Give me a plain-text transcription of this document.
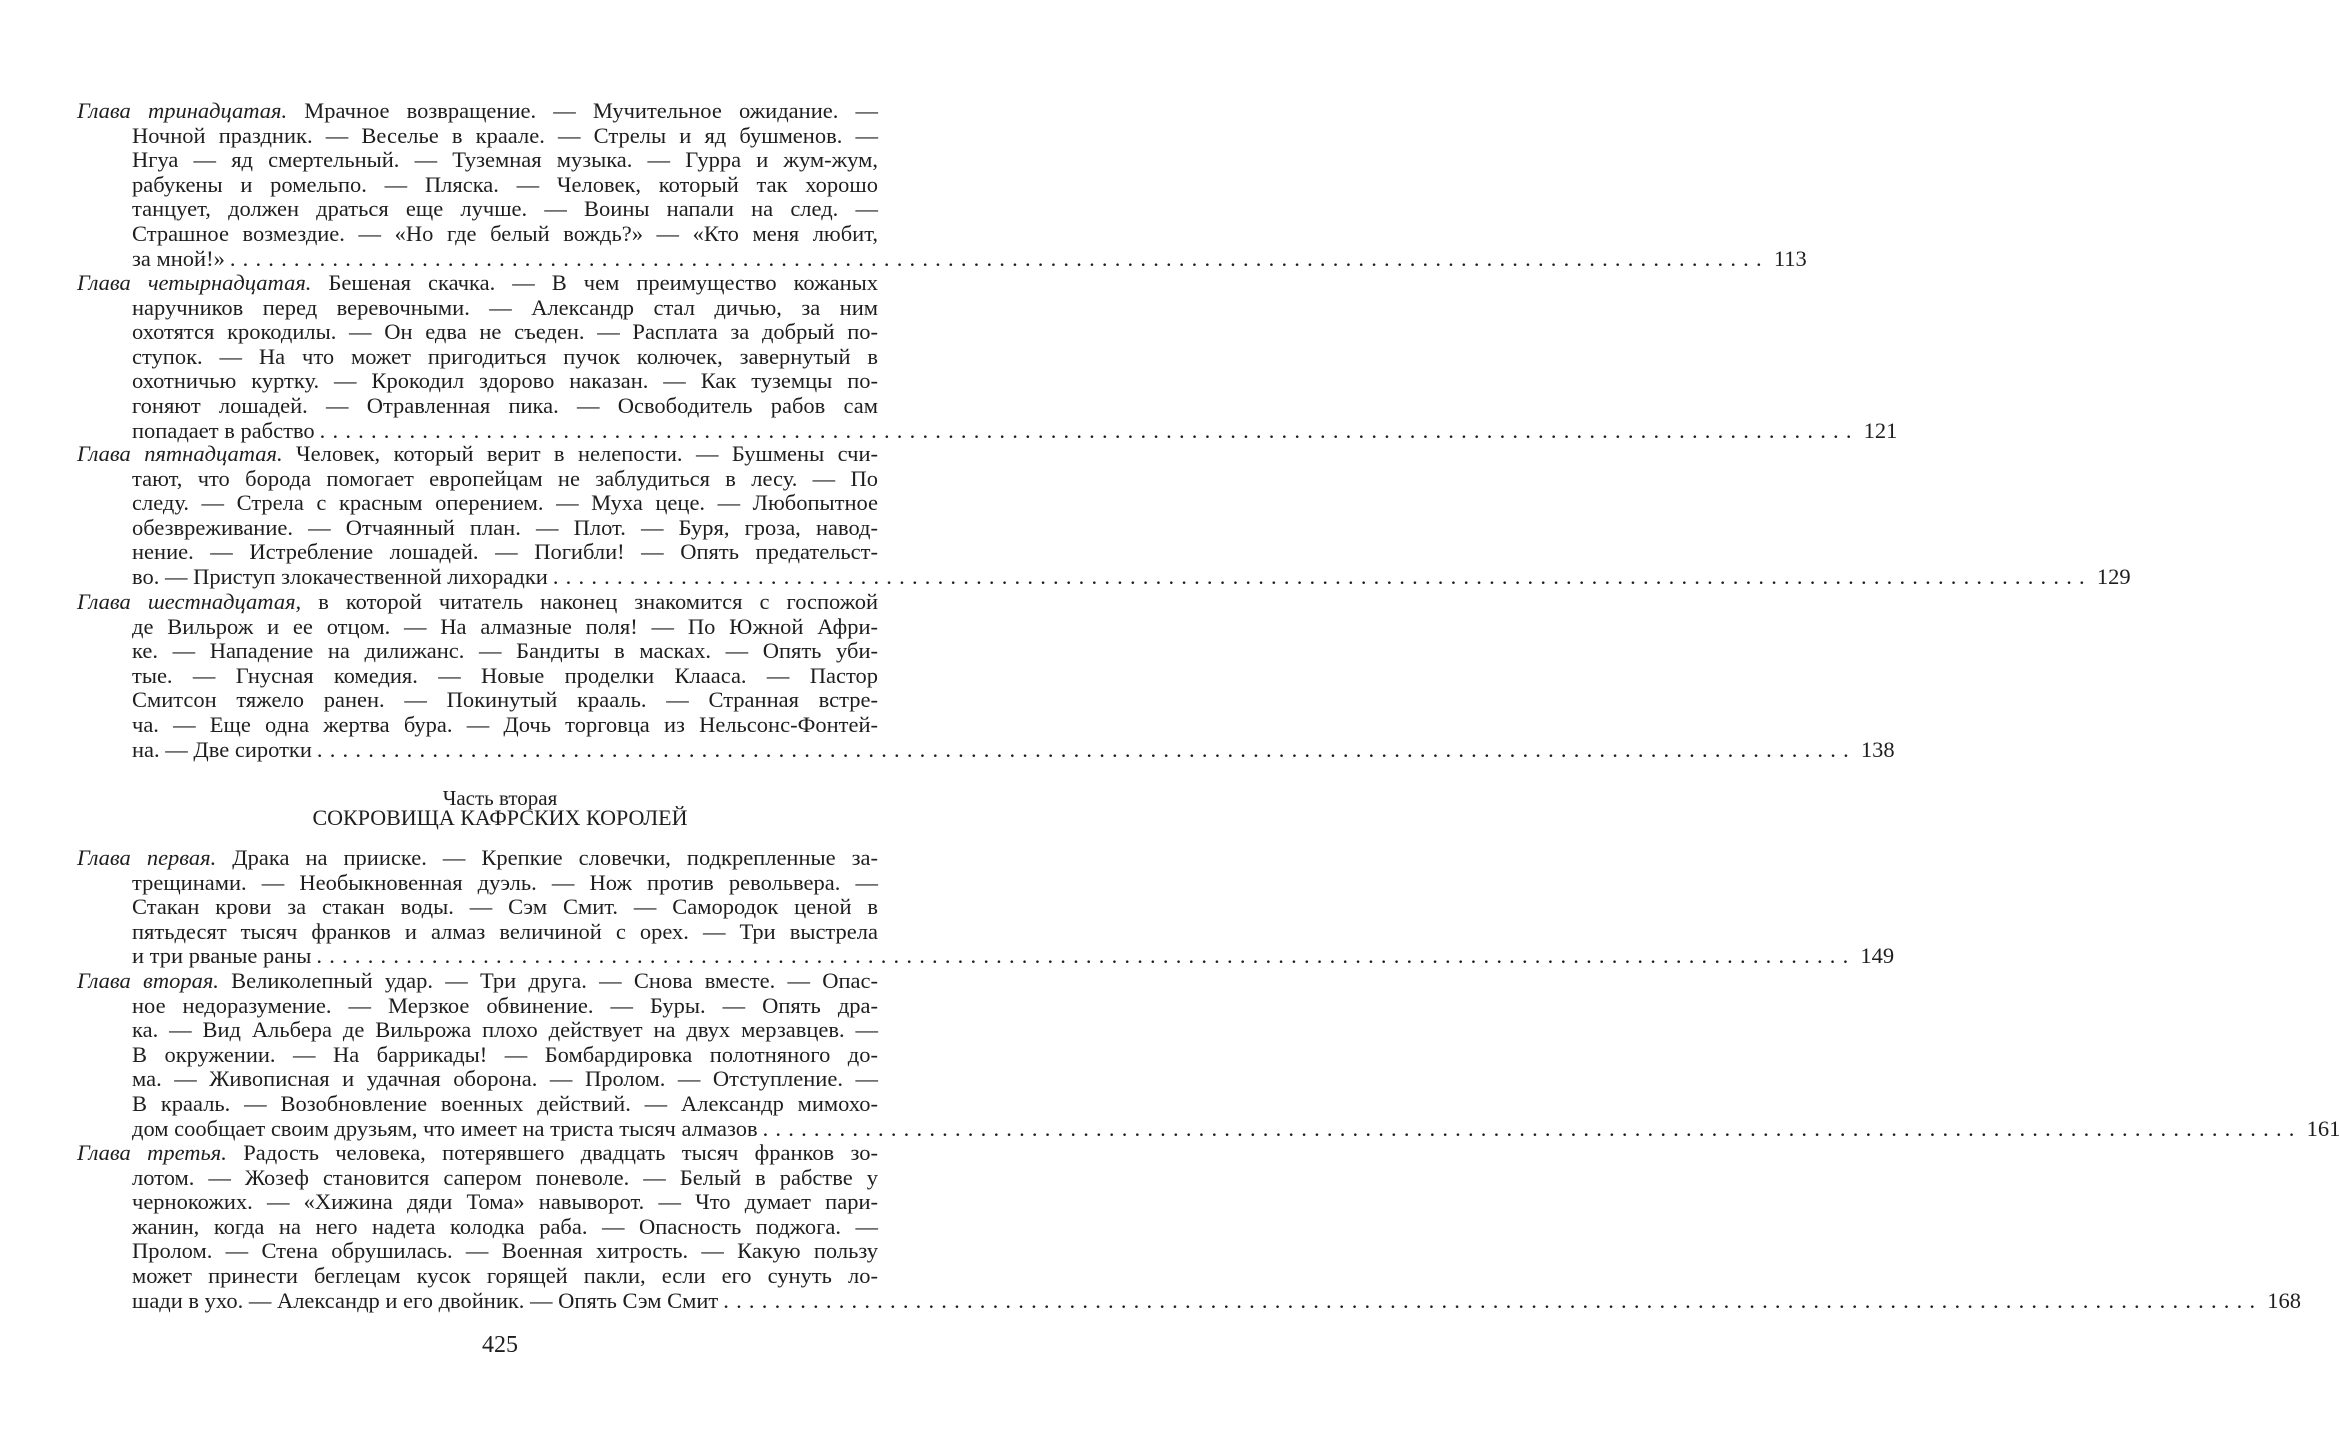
Глава тринадцатая. Мрачное возвращение. — Мучительное ожидание. —
Ночной праздник. — Веселье в краале. — Стрелы и яд бушменов. —
Нгуа — яд смертельный. — Туземная музыка. — Гурра и жум-жум,
рабукены и ромельпо. — Пляска. — Человек, который так хорошо
танцует, должен драться еще лучше. — Воины напали на след. —
Страшное возмездие. — «Но где белый вождь?» — «Кто меня любит,
за мной!» ........................................................................................................................ 113
Глава четырнадцатая. Бешеная скачка. — В чем преимущество кожаных
наручников перед веревочными. — Александр стал дичью, за ним
охотятся крокодилы. — Он едва не съеден. — Расплата за добрый по-
ступок. — На что может пригодиться пучок колючек, завернутый в
охотничью куртку. — Крокодил здорово наказан. — Как туземцы по-
гоняют лошадей. — Отравленная пика. — Освободитель рабов сам
попадает в рабство ........................................................................................................................ 121
Глава пятнадцатая. Человек, который верит в нелепости. — Бушмены счи-
тают, что борода помогает европейцам не заблудиться в лесу. — По
следу. — Стрела с красным оперением. — Муха цеце. — Любопытное
обезвреживание. — Отчаянный план. — Плот. — Буря, гроза, навод-
нение. — Истребление лошадей. — Погибли! — Опять предательст-
во. — Приступ злокачественной лихорадки ........................................................................................................................ 129
Глава шестнадцатая, в которой читатель наконец знакомится с госпожой
де Вильрож и ее отцом. — На алмазные поля! — По Южной Афри-
ке. — Нападение на дилижанс. — Бандиты в масках. — Опять уби-
тые. — Гнусная комедия. — Новые проделки Клааса. — Пастор
Смитсон тяжело ранен. — Покинутый крааль. — Странная встре-
ча. — Еще одна жертва бура. — Дочь торговца из Нельсонс-Фонтей-
на. — Две сиротки ........................................................................................................................ 138
Часть вторая
СОКРОВИЩА КАФРСКИХ КОРОЛЕЙ
Глава первая. Драка на прииске. — Крепкие словечки, подкрепленные за-
трещинами. — Необыкновенная дуэль. — Нож против револьвера. —
Стакан крови за стакан воды. — Сэм Смит. — Самородок ценой в
пятьдесят тысяч франков и алмаз величиной с орех. — Три выстрела
и три рваные раны ........................................................................................................................ 149
Глава вторая. Великолепный удар. — Три друга. — Снова вместе. — Опас-
ное недоразумение. — Мерзкое обвинение. — Буры. — Опять дра-
ка. — Вид Альбера де Вильрожа плохо действует на двух мерзавцев. —
В окружении. — На баррикады! — Бомбардировка полотняного до-
ма. — Живописная и удачная оборона. — Пролом. — Отступление. —
В крааль. — Возобновление военных действий. — Александр мимохо-
дом сообщает своим друзьям, что имеет на триста тысяч алмазов ........................................................................................................................ 161
Глава третья. Радость человека, потерявшего двадцать тысяч франков зо-
лотом. — Жозеф становится сапером поневоле. — Белый в рабстве у
чернокожих. — «Хижина дяди Тома» навыворот. — Что думает пари-
жанин, когда на него надета колодка раба. — Опасность поджога. —
Пролом. — Стена обрушилась. — Военная хитрость. — Какую пользу
может принести беглецам кусок горящей пакли, если его сунуть ло-
шади в ухо. — Александр и его двойник. — Опять Сэм Смит ........................................................................................................................ 168
425
